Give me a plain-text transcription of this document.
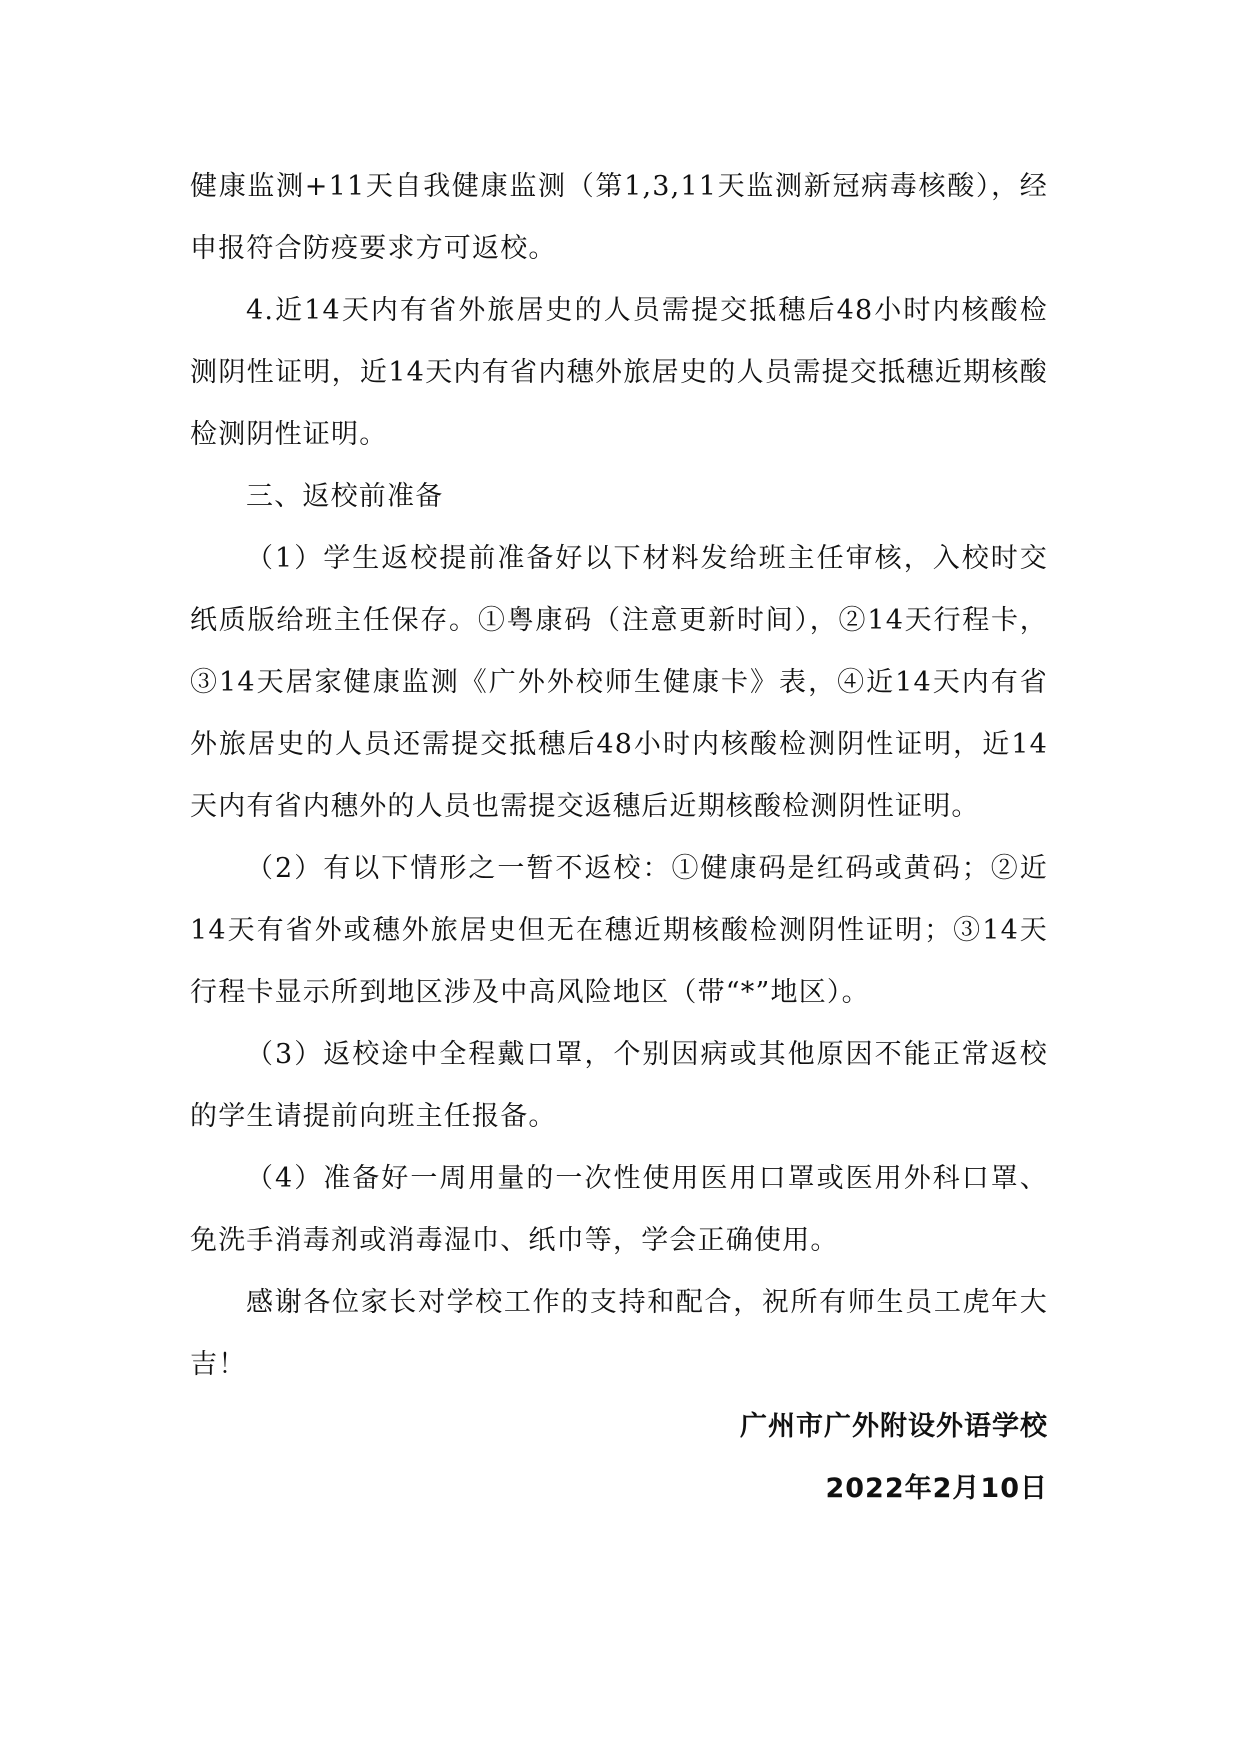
健康监测+11天自我健康监测（第1,3,11天监测新冠病毒核酸），经申报符合防疫要求方可返校。

4.近14天内有省外旅居史的人员需提交抵穗后48小时内核酸检测阴性证明，近14天内有省内穗外旅居史的人员需提交抵穗近期核酸检测阴性证明。

三、返校前准备

（1）学生返校提前准备好以下材料发给班主任审核，入校时交纸质版给班主任保存。①粤康码（注意更新时间），②14天行程卡，③14天居家健康监测《广外外校师生健康卡》表，④近14天内有省外旅居史的人员还需提交抵穗后48小时内核酸检测阴性证明，近14天内有省内穗外的人员也需提交返穗后近期核酸检测阴性证明。

（2）有以下情形之一暂不返校：①健康码是红码或黄码；②近14天有省外或穗外旅居史但无在穗近期核酸检测阴性证明；③14天行程卡显示所到地区涉及中高风险地区（带“*”地区）。

（3）返校途中全程戴口罩，个别因病或其他原因不能正常返校的学生请提前向班主任报备。

（4）准备好一周用量的一次性使用医用口罩或医用外科口罩、免洗手消毒剂或消毒湿巾、纸巾等，学会正确使用。

感谢各位家长对学校工作的支持和配合，祝所有师生员工虎年大吉！

广州市广外附设外语学校

2022年2月10日
